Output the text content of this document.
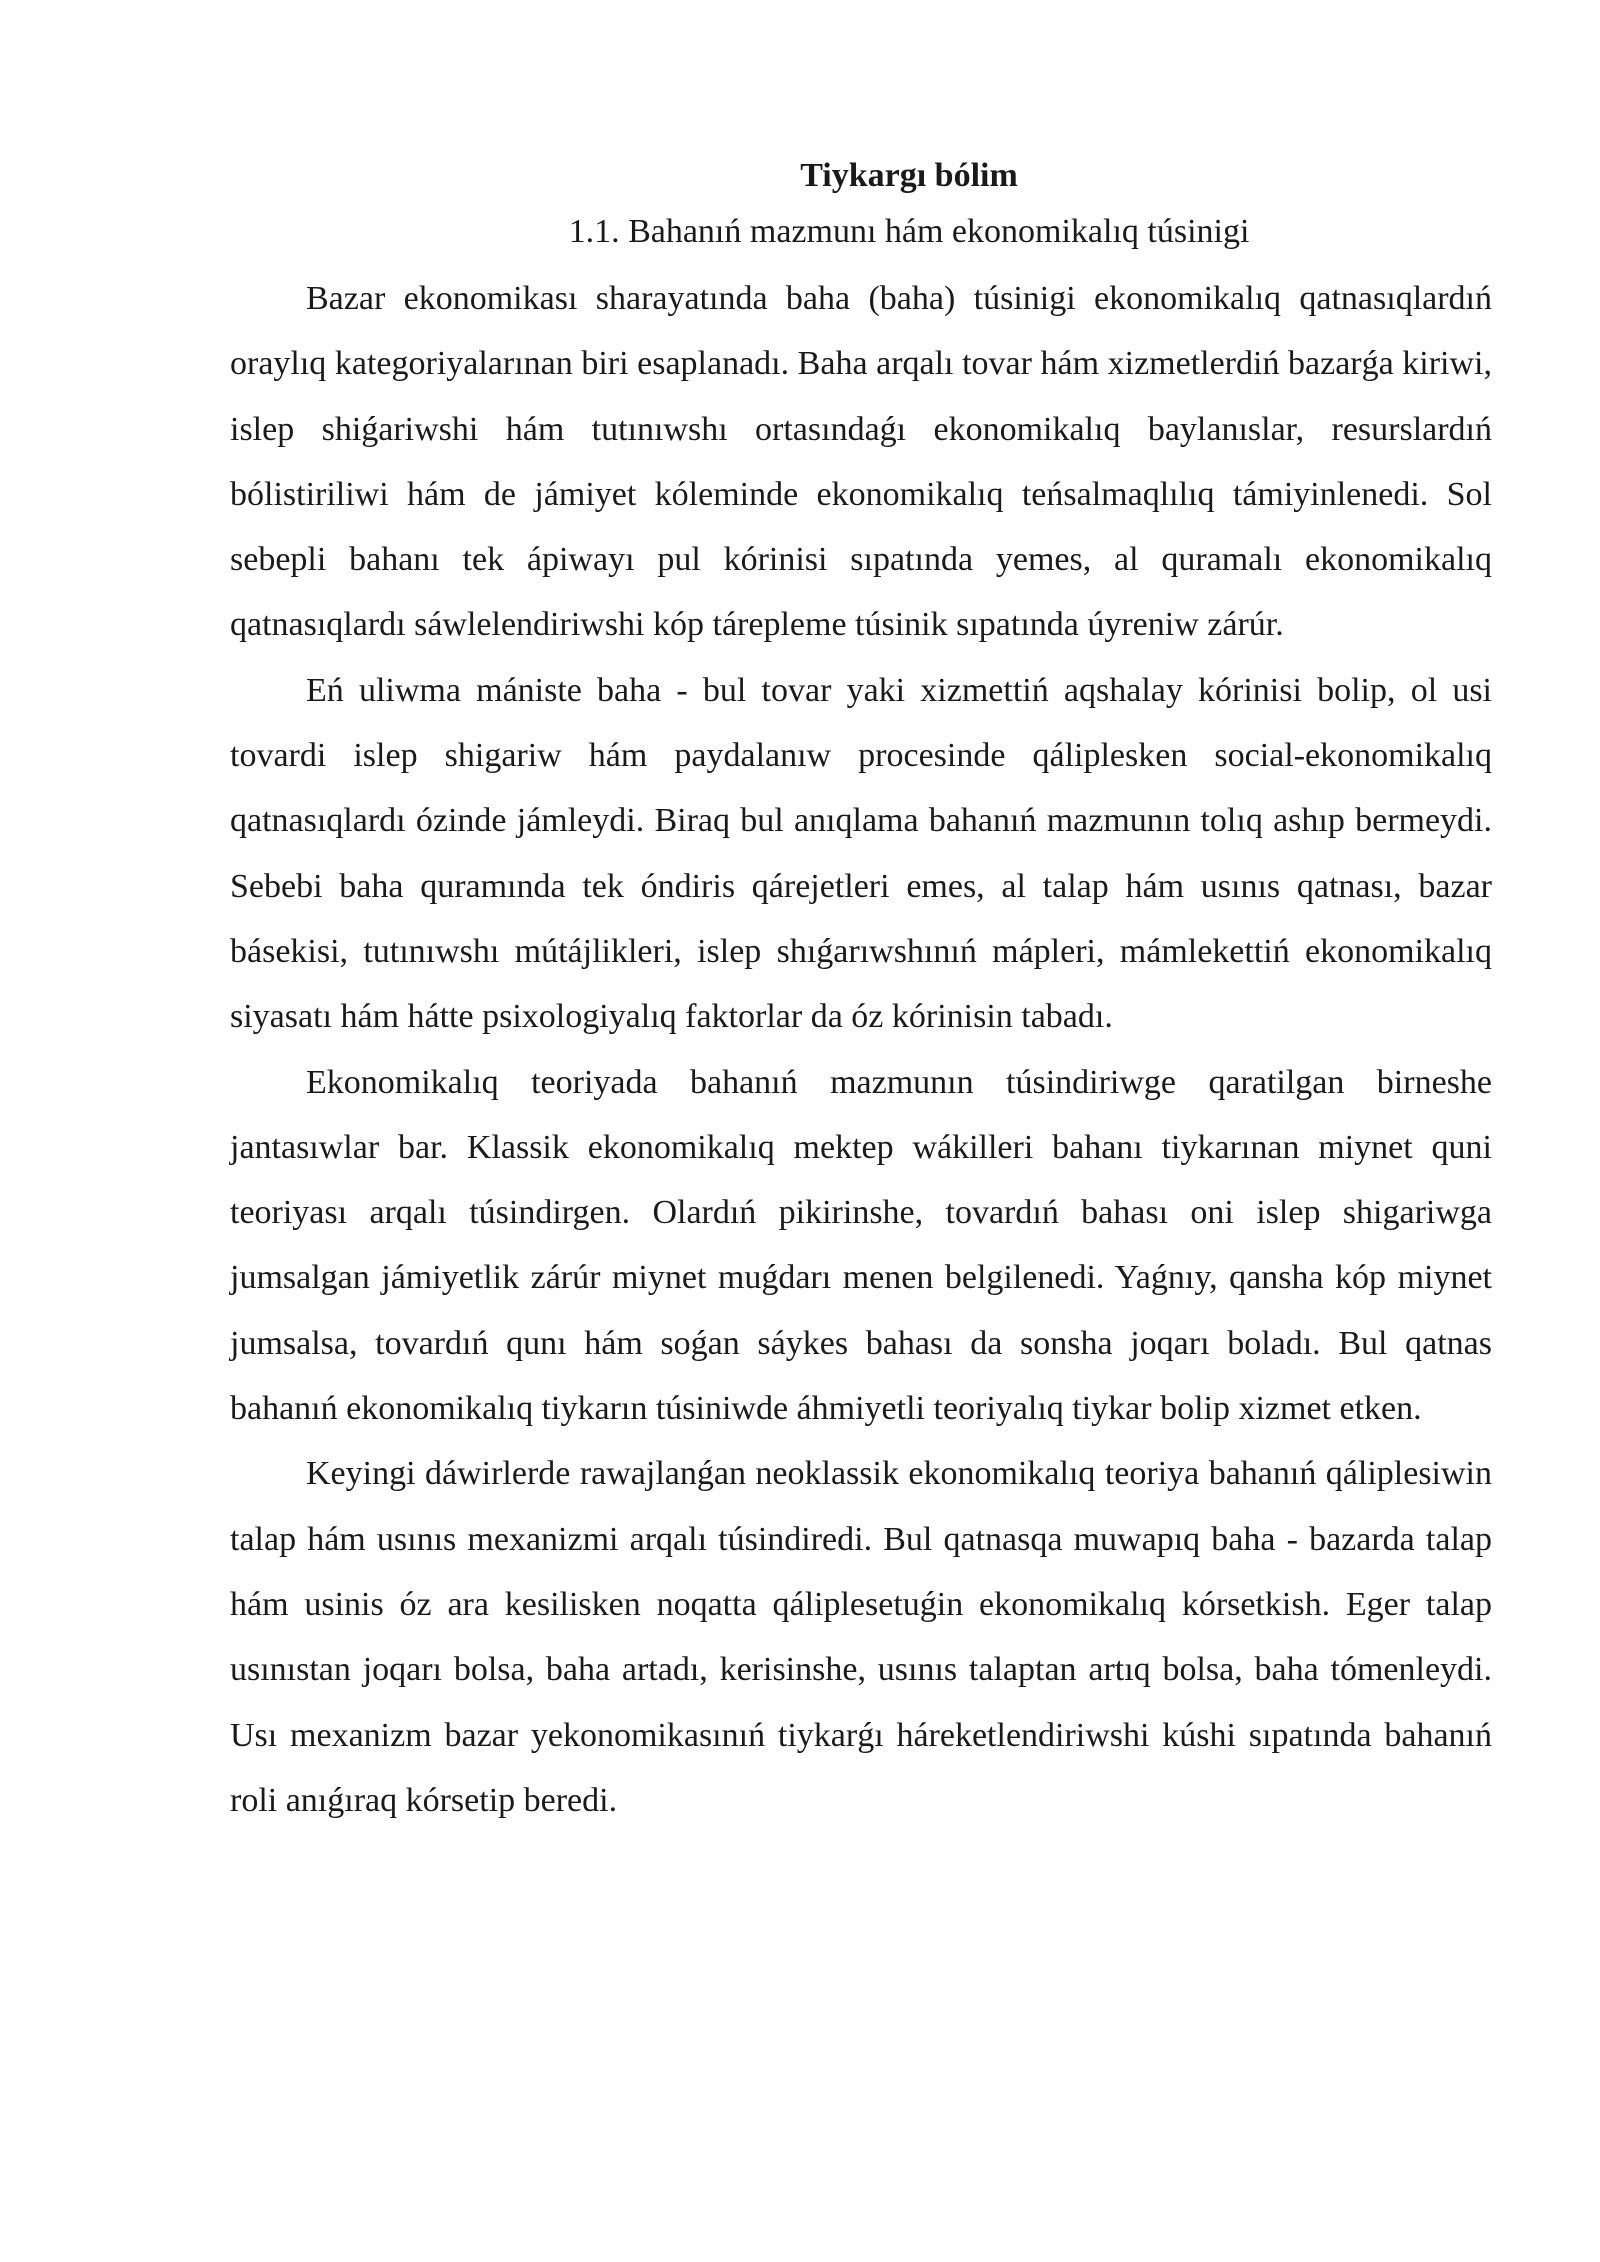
Tiykargı bólim
1.1. Bahanıń mazmunı hám ekonomikalıq túsinigi

Bazar ekonomikası sharayatında baha (baha) túsinigi ekonomikalıq qatnasıqlardıń oraylıq kategoriyalarınan biri esaplanadı. Baha arqalı tovar hám xizmetlerdiń bazarǵa kiriwi, islep shiǵariwshi hám tutınıwshı ortasındaǵı ekonomikalıq baylanıslar, resurslardıń bólistiriliwi hám de jámiyet kóleminde ekonomikalıq teńsalmaqlılıq támiyinlenedi. Sol sebepli bahanı tek ápiwayı pul kórinisi sıpatında yemes, al quramalı ekonomikalıq qatnasıqlardı sáwlelendiriwshi kóp tárepleme túsinik sıpatında úyreniw zárúr.

Eń uliwma mániste baha - bul tovar yaki xizmettiń aqshalay kórinisi bolip, ol usi tovardi islep shigariw hám paydalanıw procesinde qáliplesken social-ekonomikalıq qatnasıqlardı ózinde jámleydi. Biraq bul anıqlama bahanıń mazmunın tolıq ashıp bermeydi. Sebebi baha quramında tek óndiris qárejetleri emes, al talap hám usınıs qatnası, bazar básekisi, tutınıwshı mútájlikleri, islep shıǵarıwshınıń mápleri, mámlekettiń ekonomikalıq siyasatı hám hátte psixologiyalıq faktorlar da óz kórinisin tabadı.

Ekonomikalıq teoriyada bahanıń mazmunın túsindiriwge qaratilgan birneshe jantasıwlar bar. Klassik ekonomikalıq mektep wákilleri bahanı tiykarınan miynet quni teoriyası arqalı túsindirgen. Olardıń pikirinshe, tovardıń bahası oni islep shigariwga jumsalgan jámiyetlik zárúr miynet muǵdarı menen belgilenedi. Yaǵnıy, qansha kóp miynet jumsalsa, tovardıń qunı hám soǵan sáykes bahası da sonsha joqarı boladı. Bul qatnas bahanıń ekonomikalıq tiykarın túsiniwde áhmiyetli teoriyalıq tiykar bolip xizmet etken.

Keyingi dáwirlerde rawajlanǵan neoklassik ekonomikalıq teoriya bahanıń qáliplesiwin talap hám usınıs mexanizmi arqalı túsindiredi. Bul qatnasqa muwapıq baha - bazarda talap hám usinis óz ara kesilisken noqatta qáliplesetuǵin ekonomikalıq kórsetkish. Eger talap usınıstan joqarı bolsa, baha artadı, kerisinshe, usınıs talaptan artıq bolsa, baha tómenleydi. Usı mexanizm bazar yekonomikasınıń tiykarǵı háreketlendiriwshi kúshi sıpatında bahanıń roli anıǵıraq kórsetip beredi.
